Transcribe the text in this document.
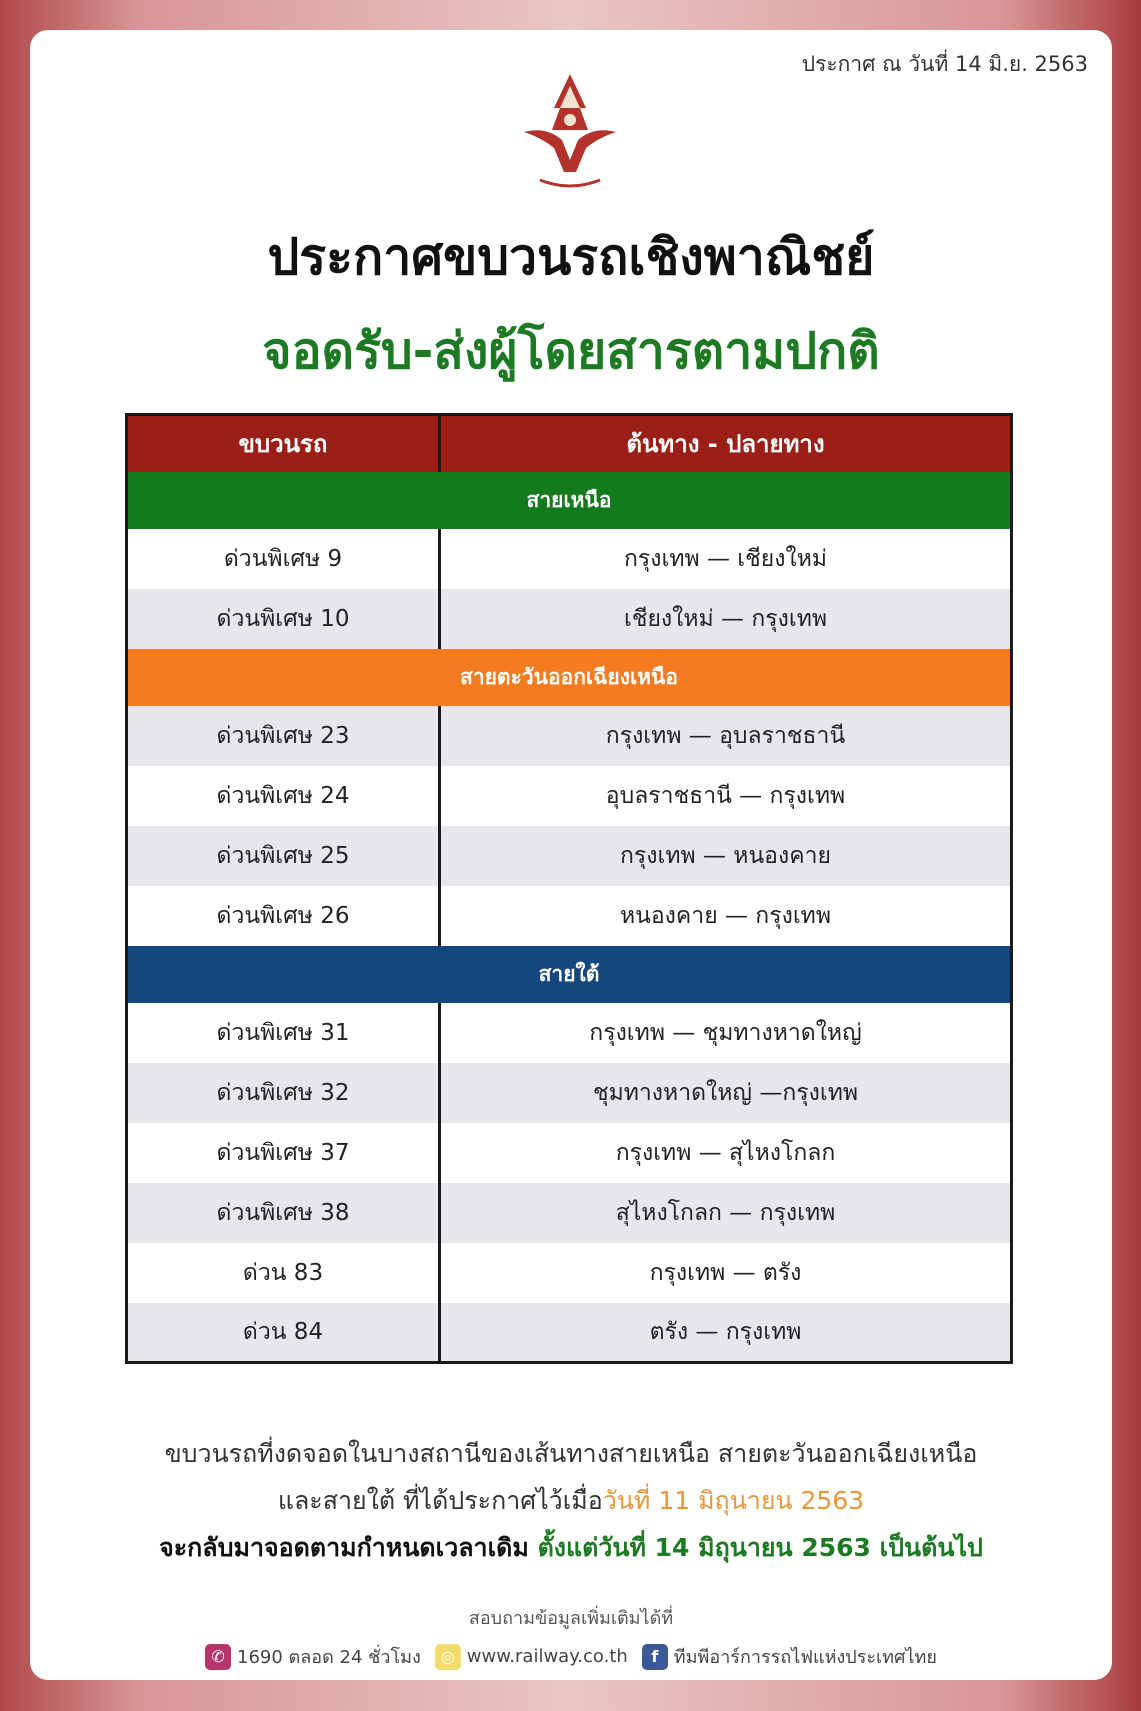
ประกาศ ณ วันที่ 14 มิ.ย. 2563
ประกาศขบวนรถเชิงพาณิชย์
จอดรับ-ส่งผู้โดยสารตามปกติ
ขบวนรถ	ต้นทาง - ปลายทาง
สายเหนือ	
ด่วนพิเศษ 9	กรุงเทพ — เชียงใหม่
ด่วนพิเศษ 10	เชียงใหม่ — กรุงเทพ
สายตะวันออกเฉียงเหนือ	
ด่วนพิเศษ 23	กรุงเทพ — อุบลราชธานี
ด่วนพิเศษ 24	อุบลราชธานี — กรุงเทพ
ด่วนพิเศษ 25	กรุงเทพ — หนองคาย
ด่วนพิเศษ 26	หนองคาย — กรุงเทพ
สายใต้	
ด่วนพิเศษ 31	กรุงเทพ — ชุมทางหาดใหญ่
ด่วนพิเศษ 32	ชุมทางหาดใหญ่ —กรุงเทพ
ด่วนพิเศษ 37	กรุงเทพ — สุไหงโกลก
ด่วนพิเศษ 38	สุไหงโกลก — กรุงเทพ
ด่วน 83	กรุงเทพ — ตรัง
ด่วน 84	ตรัง — กรุงเทพ
ขบวนรถที่งดจอดในบางสถานีของเส้นทางสายเหนือ สายตะวันออกเฉียงเหนือ
และสายใต้ ที่ได้ประกาศไว้เมื่อวันที่ 11 มิถุนายน 2563
จะกลับมาจอดตามกำหนดเวลาเดิม ตั้งแต่วันที่ 14 มิถุนายน 2563 เป็นต้นไป
สอบถามข้อมูลเพิ่มเติมได้ที่
✆ 1690 ตลอด 24 ชั่วโมง	◎ www.railway.co.th	f ทีมพีอาร์การรถไฟแห่งประเทศไทย
